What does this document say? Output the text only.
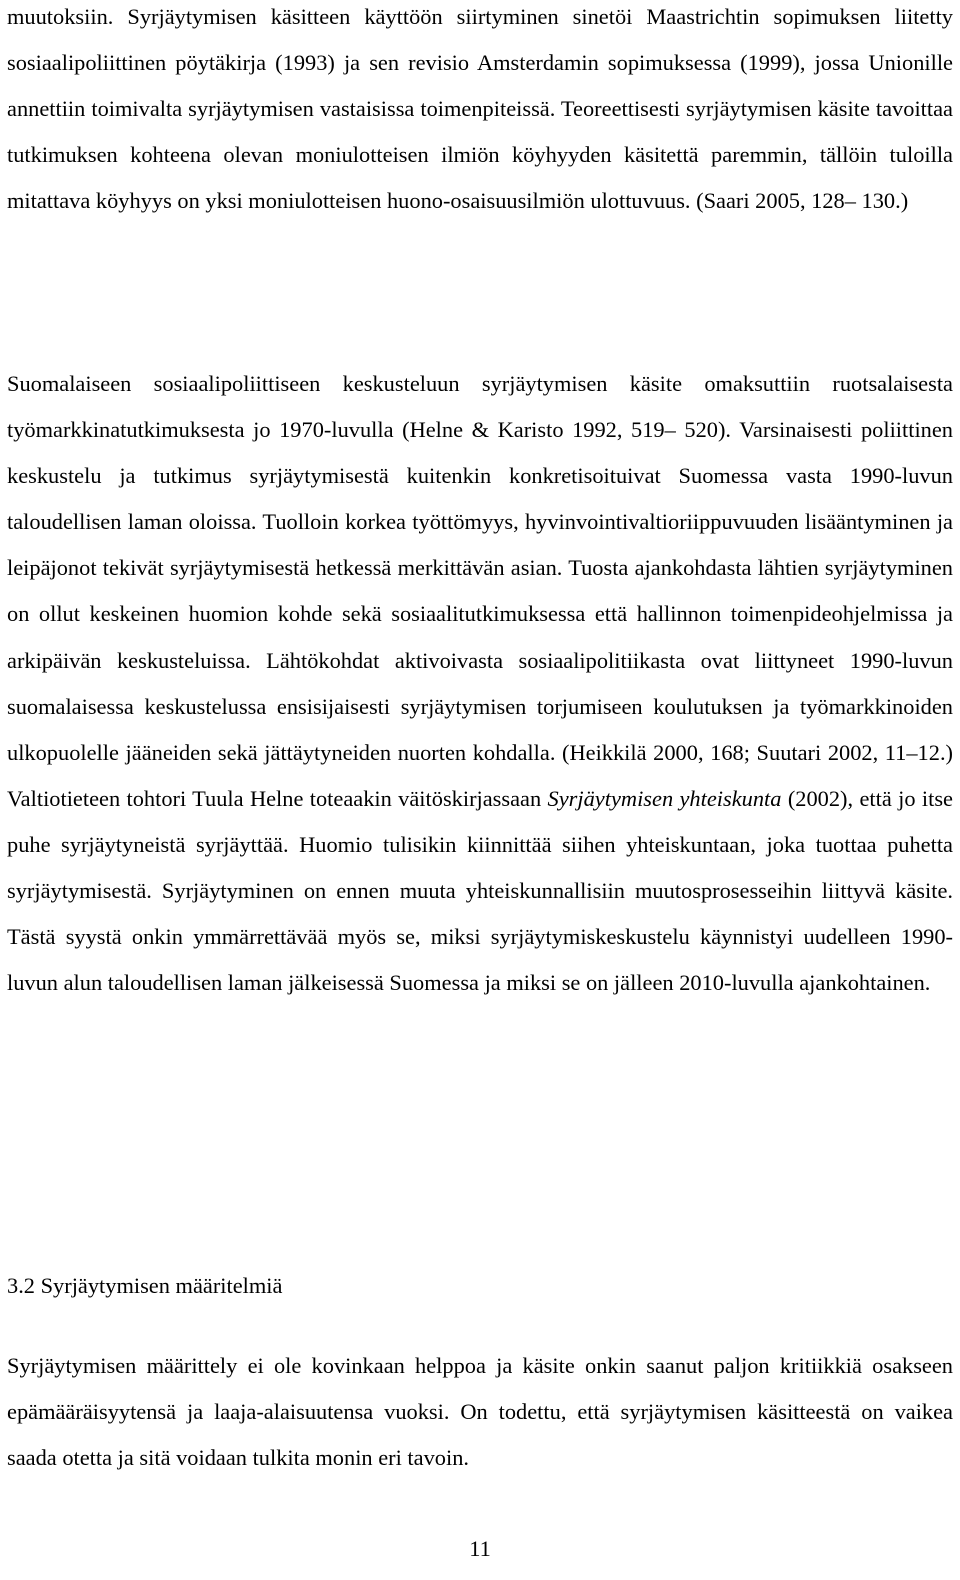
muutoksiin. Syrjäytymisen käsitteen käyttöön siirtyminen sinetöi Maastrichtin sopimuksen liitetty sosiaalipoliittinen pöytäkirja (1993) ja sen revisio Amsterdamin sopimuksessa (1999), jossa Unionille annettiin toimivalta syrjäytymisen vastaisissa toimenpiteissä. Teoreettisesti syrjäytymisen käsite tavoittaa tutkimuksen kohteena olevan moniulotteisen ilmiön köyhyyden käsitettä paremmin, tällöin tuloilla mitattava köyhyys on yksi moniulotteisen huono-osaisuusilmiön ulottuvuus. (Saari 2005, 128– 130.)

Suomalaiseen sosiaalipoliittiseen keskusteluun syrjäytymisen käsite omaksuttiin ruotsalaisesta työmarkkinatutkimuksesta jo 1970-luvulla (Helne & Karisto 1992, 519– 520). Varsinaisesti poliittinen keskustelu ja tutkimus syrjäytymisestä kuitenkin konkretisoituivat Suomessa vasta 1990-luvun taloudellisen laman oloissa. Tuolloin korkea työttömyys, hyvinvointivaltioriippuvuuden lisääntyminen ja leipäjonot tekivät syrjäytymisestä hetkessä merkittävän asian. Tuosta ajankohdasta lähtien syrjäytyminen on ollut keskeinen huomion kohde sekä sosiaalitutkimuksessa että hallinnon toimenpideohjelmissa ja arkipäivän keskusteluissa. Lähtökohdat aktivoivasta sosiaalipolitiikasta ovat liittyneet 1990-luvun suomalaisessa keskustelussa ensisijaisesti syrjäytymisen torjumiseen koulutuksen ja työmarkkinoiden ulkopuolelle jääneiden sekä jättäytyneiden nuorten kohdalla. (Heikkilä 2000, 168; Suutari 2002, 11–12.) Valtiotieteen tohtori Tuula Helne toteaakin väitöskirjassaan Syrjäytymisen yhteiskunta (2002), että jo itse puhe syrjäytyneistä syrjäyttää. Huomio tulisikin kiinnittää siihen yhteiskuntaan, joka tuottaa puhetta syrjäytymisestä. Syrjäytyminen on ennen muuta yhteiskunnallisiin muutosprosesseihin liittyvä käsite. Tästä syystä onkin ymmärrettävää myös se, miksi syrjäytymiskeskustelu käynnistyi uudelleen 1990-luvun alun taloudellisen laman jälkeisessä Suomessa ja miksi se on jälleen 2010-luvulla ajankohtainen.

3.2 Syrjäytymisen määritelmiä

Syrjäytymisen määrittely ei ole kovinkaan helppoa ja käsite onkin saanut paljon kritiikkiä osakseen epämääräisyytensä ja laaja-alaisuutensa vuoksi. On todettu, että syrjäytymisen käsitteestä on vaikea saada otetta ja sitä voidaan tulkita monin eri tavoin.

11
